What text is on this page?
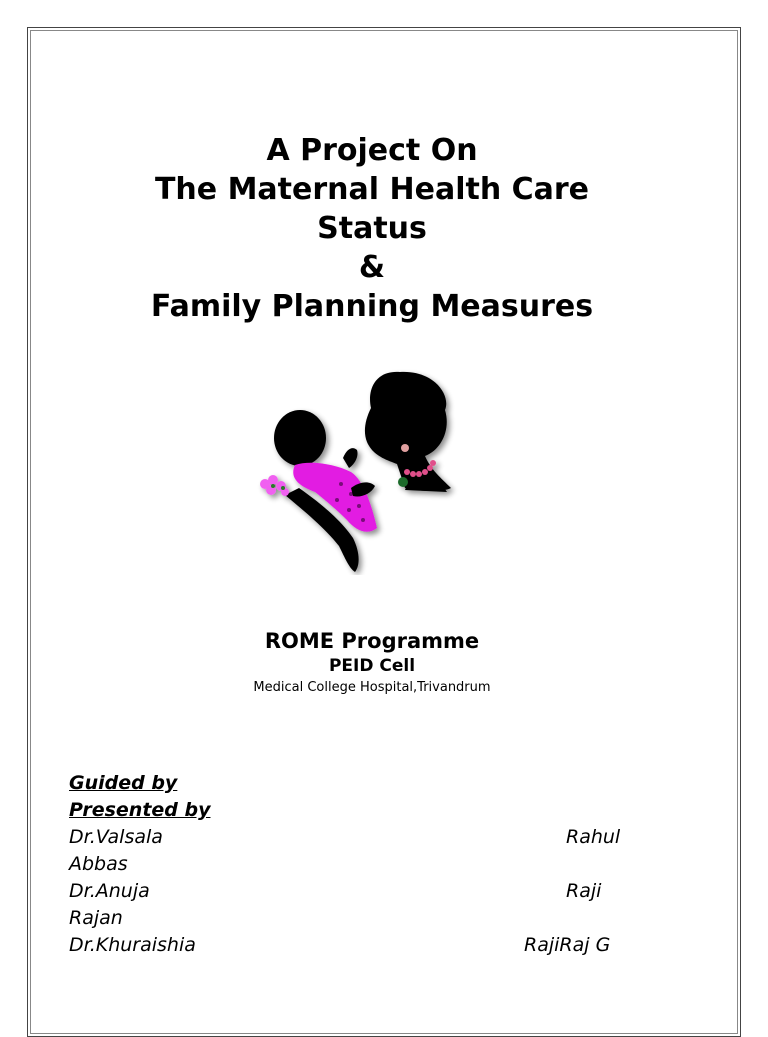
A Project On
The Maternal Health Care
Status
&
Family Planning Measures
ROME Programme
PEID Cell
Medical College Hospital,Trivandrum
Guided by
Presented by
Dr.Valsala	Rahul
Abbas
Dr.Anuja	Raji
Rajan
Dr.Khuraishia	RajiRaj G
